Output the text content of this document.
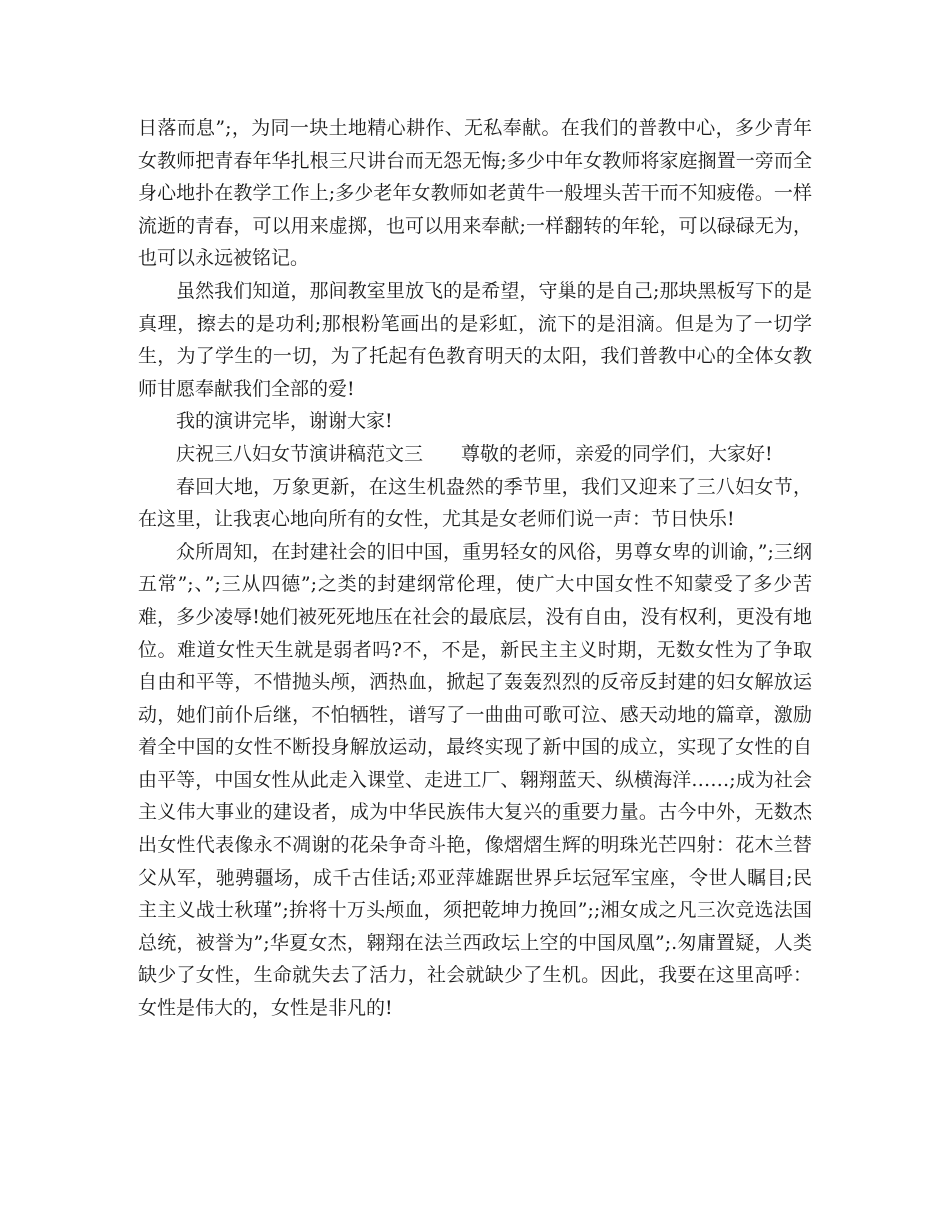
日落而息”;，为同一块土地精心耕作、无私奉献。在我们的普教中心，多少青年女教师把青春年华扎根三尺讲台而无怨无悔;多少中年女教师将家庭搁置一旁而全身心地扑在教学工作上;多少老年女教师如老黄牛一般埋头苦干而不知疲倦。一样流逝的青春，可以用来虚掷，也可以用来奉献;一样翻转的年轮，可以碌碌无为，也可以永远被铭记。

虽然我们知道，那间教室里放飞的是希望，守巢的是自己;那块黑板写下的是真理，擦去的是功利;那根粉笔画出的是彩虹，流下的是泪滴。但是为了一切学生，为了学生的一切，为了托起有色教育明天的太阳，我们普教中心的全体女教师甘愿奉献我们全部的爱!

我的演讲完毕，谢谢大家!

庆祝三八妇女节演讲稿范文三　　尊敬的老师，亲爱的同学们，大家好!

春回大地，万象更新，在这生机盎然的季节里，我们又迎来了三八妇女节，在这里，让我衷心地向所有的女性，尤其是女老师们说一声：节日快乐!

众所周知，在封建社会的旧中国，重男轻女的风俗，男尊女卑的训谕，”;三纲五常”;、”;三从四德”;之类的封建纲常伦理，使广大中国女性不知蒙受了多少苦难，多少凌辱!她们被死死地压在社会的最底层，没有自由，没有权利，更没有地位。难道女性天生就是弱者吗?不，不是，新民主主义时期，无数女性为了争取自由和平等，不惜抛头颅，洒热血，掀起了轰轰烈烈的反帝反封建的妇女解放运动，她们前仆后继，不怕牺牲，谱写了一曲曲可歌可泣、感天动地的篇章，激励着全中国的女性不断投身解放运动，最终实现了新中国的成立，实现了女性的自由平等，中国女性从此走入课堂、走进工厂、翱翔蓝天、纵横海洋……;成为社会主义伟大事业的建设者，成为中华民族伟大复兴的重要力量。古今中外，无数杰出女性代表像永不凋谢的花朵争奇斗艳，像熠熠生辉的明珠光芒四射：花木兰替父从军，驰骋疆场，成千古佳话;邓亚萍雄踞世界乒坛冠军宝座，令世人瞩目;民主主义战士秋瑾”;拚将十万头颅血，须把乾坤力挽回”;;湘女成之凡三次竞选法国总统，被誉为”;华夏女杰，翱翔在法兰西政坛上空的中国凤凰”;.匆庸置疑，人类缺少了女性，生命就失去了活力，社会就缺少了生机。因此，我要在这里高呼：女性是伟大的，女性是非凡的!
